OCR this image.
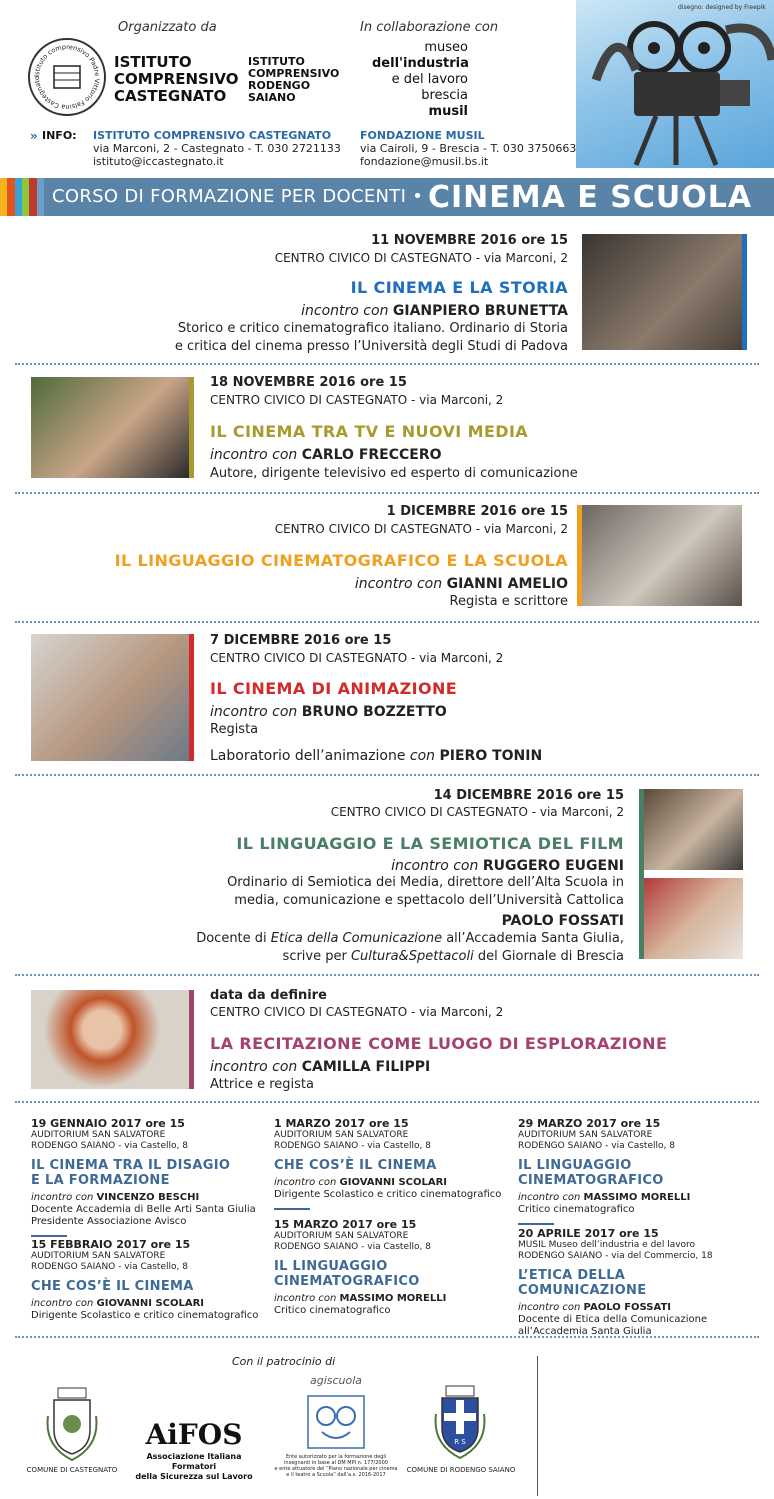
disegno: designed by Freepik
Organizzato da	In collaborazione con
Istituto comprensivo Padre Vittorio Falsina Castegnato
ISTITUTO
COMPRENSIVO
CASTEGNATO
ISTITUTO
COMPRENSIVO
RODENGO
SAIANO
museo
dell'industria
e del lavoro
brescia
musil
» INFO: ISTITUTO COMPRENSIVO CASTEGNATO
via Marconi, 2 - Castegnato - T. 030 2721133
istituto@iccastegnato.it
FONDAZIONE MUSIL
via Cairoli, 9 - Brescia - T. 030 3750663
fondazione@musil.bs.it
CORSO DI FORMAZIONE PER DOCENTI • CINEMA E SCUOLA
11 NOVEMBRE 2016 ore 15
CENTRO CIVICO DI CASTEGNATO - via Marconi, 2
IL CINEMA E LA STORIA
incontro con GIANPIERO BRUNETTA
Storico e critico cinematografico italiano. Ordinario di Storia
e critica del cinema presso l’Università degli Studi di Padova
18 NOVEMBRE 2016 ore 15
CENTRO CIVICO DI CASTEGNATO - via Marconi, 2
IL CINEMA TRA TV E NUOVI MEDIA
incontro con CARLO FRECCERO
Autore, dirigente televisivo ed esperto di comunicazione
1 DICEMBRE 2016 ore 15
CENTRO CIVICO DI CASTEGNATO - via Marconi, 2
IL LINGUAGGIO CINEMATOGRAFICO E LA SCUOLA
incontro con GIANNI AMELIO
Regista e scrittore
7 DICEMBRE 2016 ore 15
CENTRO CIVICO DI CASTEGNATO - via Marconi, 2
IL CINEMA DI ANIMAZIONE
incontro con BRUNO BOZZETTO
Regista
Laboratorio dell’animazione con PIERO TONIN
14 DICEMBRE 2016 ore 15
CENTRO CIVICO DI CASTEGNATO - via Marconi, 2
IL LINGUAGGIO E LA SEMIOTICA DEL FILM
incontro con RUGGERO EUGENI
Ordinario di Semiotica dei Media, direttore dell’Alta Scuola in
media, comunicazione e spettacolo dell’Università Cattolica
PAOLO FOSSATI
Docente di Etica della Comunicazione all’Accademia Santa Giulia,
scrive per Cultura&Spettacoli del Giornale di Brescia
data da definire
CENTRO CIVICO DI CASTEGNATO - via Marconi, 2
LA RECITAZIONE COME LUOGO DI ESPLORAZIONE
incontro con CAMILLA FILIPPI
Attrice e regista
19 GENNAIO 2017 ore 15
AUDITORIUM SAN SALVATORE
RODENGO SAIANO - via Castello, 8
IL CINEMA TRA IL DISAGIO
E LA FORMAZIONE
incontro con VINCENZO BESCHI
Docente Accademia di Belle Arti Santa Giulia
Presidente Associazione Avisco
15 FEBBRAIO 2017 ore 15
AUDITORIUM SAN SALVATORE
RODENGO SAIANO - via Castello, 8
CHE COS’È IL CINEMA
incontro con GIOVANNI SCOLARI
Dirigente Scolastico e critico cinematografico
1 MARZO 2017 ore 15
AUDITORIUM SAN SALVATORE
RODENGO SAIANO - via Castello, 8
CHE COS’È IL CINEMA
incontro con GIOVANNI SCOLARI
Dirigente Scolastico e critico cinematografico
15 MARZO 2017 ore 15
AUDITORIUM SAN SALVATORE
RODENGO SAIANO - via Castello, 8
IL LINGUAGGIO
CINEMATOGRAFICO
incontro con MASSIMO MORELLI
Critico cinematografico
29 MARZO 2017 ore 15
AUDITORIUM SAN SALVATORE
RODENGO SAIANO - via Castello, 8
IL LINGUAGGIO
CINEMATOGRAFICO
incontro con MASSIMO MORELLI
Critico cinematografico
20 APRILE 2017 ore 15
MUSIL Museo dell’industria e del lavoro
RODENGO SAIANO - via del Commercio, 18
L’ETICA DELLA COMUNICAZIONE
incontro con PAOLO FOSSATI
Docente di Etica della Comunicazione
all’Accademia Santa Giulia
Con il patrocinio di
COMUNE DI CASTEGNATO
AiFOS
Associazione Italiana Formatori
della Sicurezza sul Lavoro
agiscuola
Ente autorizzato per la formazione degli
insegnanti in base al DM MPI n. 177/2000
e ente attuatore del “Piano nazionale per cinema
e il teatro a Scuola” dall’a.s. 2016-2017
R S
COMUNE DI RODENGO SAIANO
